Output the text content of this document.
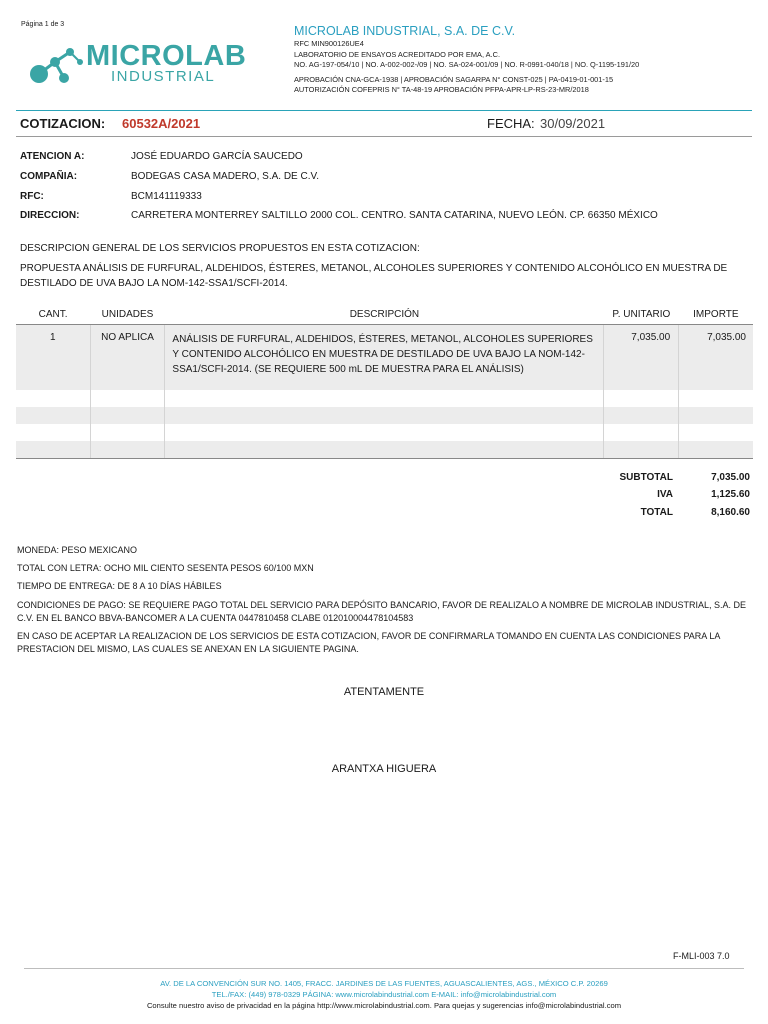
Página 1 de 3
MICROLAB
INDUSTRIAL
MICROLAB INDUSTRIAL, S.A. DE C.V.
RFC MIN900126UE4
LABORATORIO DE ENSAYOS ACREDITADO POR EMA, A.C.
NO. AG-197-054/10 | NO. A-002-002-/09 | NO. SA-024-001/09 | NO. R-0991-040/18 | NO. Q-1195-191/20
APROBACIÓN CNA-GCA-1938 | APROBACIÓN SAGARPA N° CONST-025 | PA-0419-01-001-15
AUTORIZACIÓN COFEPRIS N° TA-48-19 APROBACIÓN PFPA-APR-LP-RS-23-MR/2018
COTIZACION: 60532A/2021	FECHA: 30/09/2021
ATENCION A:	JOSÉ EDUARDO GARCÍA SAUCEDO
COMPAÑIA:	BODEGAS CASA MADERO, S.A. DE C.V.
RFC:	BCM141119333
DIRECCION:	CARRETERA MONTERREY SALTILLO 2000 COL. CENTRO. SANTA CATARINA, NUEVO LEÓN. CP. 66350 MÉXICO
DESCRIPCION GENERAL DE LOS SERVICIOS PROPUESTOS EN ESTA COTIZACION:
PROPUESTA ANÁLISIS DE FURFURAL, ALDEHIDOS, ÉSTERES, METANOL, ALCOHOLES SUPERIORES Y CONTENIDO ALCOHÓLICO EN MUESTRA DE DESTILADO DE UVA BAJO LA NOM-142-SSA1/SCFI-2014.
CANT.	UNIDADES	DESCRIPCIÓN	P. UNITARIO	IMPORTE

1	NO APLICA	ANÁLISIS DE FURFURAL, ALDEHIDOS, ÉSTERES, METANOL, ALCOHOLES SUPERIORES Y CONTENIDO ALCOHÓLICO EN MUESTRA DE DESTILADO DE UVA BAJO LA NOM-142-SSA1/SCFI-2014. (SE REQUIERE 500 mL DE MUESTRA PARA EL ANÁLISIS)	7,035.00	7,035.00

SUBTOTAL	7,035.00
IVA	1,125.60
TOTAL	8,160.60
MONEDA: PESO MEXICANO
TOTAL CON LETRA: OCHO MIL CIENTO SESENTA PESOS 60/100 MXN
TIEMPO DE ENTREGA: DE 8 A 10 DÍAS HÁBILES
CONDICIONES DE PAGO: SE REQUIERE PAGO TOTAL DEL SERVICIO PARA DEPÓSITO BANCARIO, FAVOR DE REALIZALO A NOMBRE DE MICROLAB INDUSTRIAL, S.A. DE C.V. EN EL BANCO BBVA-BANCOMER A LA CUENTA 0447810458 CLABE 012010004478104583
EN CASO DE ACEPTAR LA REALIZACION DE LOS SERVICIOS DE ESTA COTIZACION, FAVOR DE CONFIRMARLA TOMANDO EN CUENTA LAS CONDICIONES PARA LA PRESTACION DEL MISMO, LAS CUALES SE ANEXAN EN LA SIGUIENTE PAGINA.
ATENTAMENTE
ARANTXA HIGUERA
F-MLI-003 7.0
AV. DE LA CONVENCIÓN SUR NO. 1405, FRACC. JARDINES DE LAS FUENTES, AGUASCALIENTES, AGS., MÉXICO C.P. 20269
TEL./FAX: (449) 978-0329 PÁGINA: www.microlabindustrial.com E-MAIL: info@microlabindustrial.com
Consulte nuestro aviso de privacidad en la página http://www.microlabindustrial.com. Para quejas y sugerencias info@microlabindustrial.com
